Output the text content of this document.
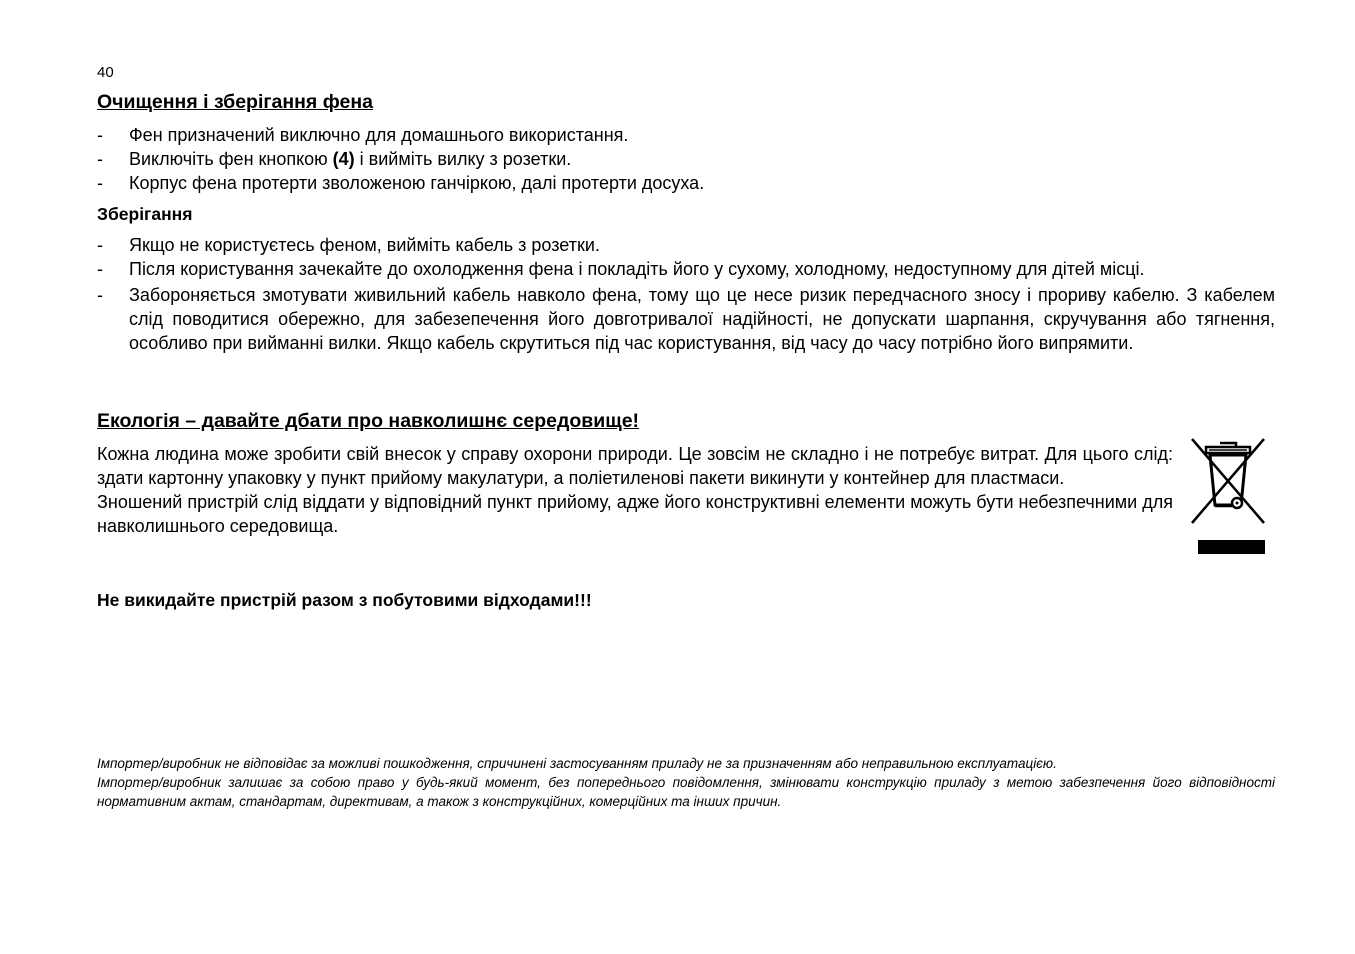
40
Очищення і зберігання фена
- Фен призначений виключно для домашнього використання.
- Виключіть фен кнопкою (4) і вийміть вилку з розетки.
- Корпус фена протерти зволоженою ганчіркою, далі протерти досуха.
Зберігання
- Якщо не користуєтесь феном, вийміть кабель з розетки.
- Після користування зачекайте до охолодження фена і покладіть його у сухому, холодному, недоступному для дітей місці.
- Забороняється змотувати живильний кабель навколо фена, тому що це несе ризик передчасного зносу і прориву кабелю. З кабелем слід поводитися обережно, для забезепечення його довготривалої надійності, не допускати шарпання, скручування або тягнення, особливо при вийманні вилки. Якщо кабель скрутиться під час користування, від часу до часу потрібно його випрямити.
Екологія – давайте дбати про навколишнє середовище!

Кожна людина може зробити свій внесок у справу охорони природи. Це зовсім не складно і не потребує витрат. Для цього слід: здати картонну упаковку у пункт прийому макулатури, а поліетиленові пакети викинути у контейнер для пластмаси.

Зношений пристрій слід віддати у відповідний пункт прийому, адже його конструктивні елементи можуть бути небезпечними для навколишнього середовища.

Не викидайте пристрій разом з побутовими відходами!!!
Імпортер/виробник не відповідає за можливі пошкодження, спричинені застосуванням приладу не за призначенням або неправильною експлуатацією.
Імпортер/виробник залишає за собою право у будь-який момент, без попереднього повідомлення, змінювати конструкцію приладу з метою забезпечення його відповідності нормативним актам, стандартам, директивам, а також з конструкційних, комерційних та інших причин.
